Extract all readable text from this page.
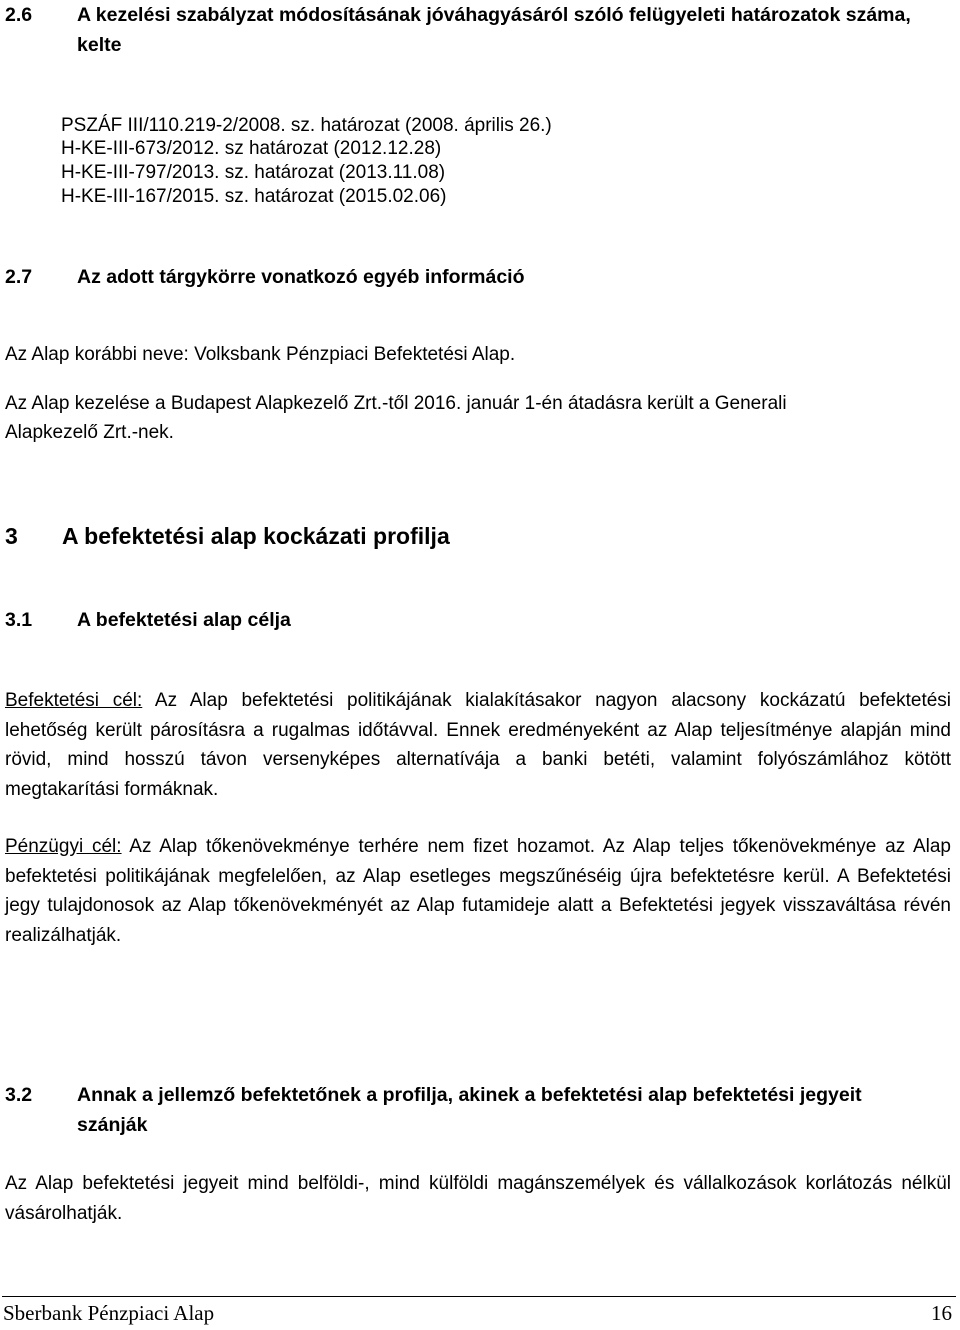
2.6 A kezelési szabályzat módosításának jóváhagyásáról szóló felügyeleti határozatok száma, kelte
PSZÁF III/110.219-2/2008. sz. határozat (2008. április 26.)
H-KE-III-673/2012. sz határozat (2012.12.28)
H-KE-III-797/2013. sz. határozat (2013.11.08)
H-KE-III-167/2015. sz. határozat (2015.02.06)
2.7 Az adott tárgykörre vonatkozó egyéb információ
Az Alap korábbi neve: Volksbank Pénzpiaci Befektetési Alap.
Az Alap kezelése a Budapest Alapkezelő Zrt.-től 2016. január 1-én átadásra került a Generali
Alapkezelő Zrt.-nek.
3 A befektetési alap kockázati profilja
3.1 A befektetési alap célja
Befektetési cél: Az Alap befektetési politikájának kialakításakor nagyon alacsony kockázatú befektetési lehetőség került párosításra a rugalmas időtávval. Ennek eredményeként az Alap teljesítménye alapján mind rövid, mind hosszú távon versenyképes alternatívája a banki betéti, valamint folyószámlához kötött megtakarítási formáknak.
Pénzügyi cél: Az Alap tőkenövekménye terhére nem fizet hozamot. Az Alap teljes tőkenövekménye az Alap befektetési politikájának megfelelően, az Alap esetleges megszűnéséig újra befektetésre kerül. A Befektetési jegy tulajdonosok az Alap tőkenövekményét az Alap futamideje alatt a Befektetési jegyek visszaváltása révén realizálhatják.
3.2 Annak a jellemző befektetőnek a profilja, akinek a befektetési alap befektetési jegyeit szánják
Az Alap befektetési jegyeit mind belföldi-, mind külföldi magánszemélyek és vállalkozások korlátozás nélkül vásárolhatják.
Sberbank Pénzpiaci Alap	16
